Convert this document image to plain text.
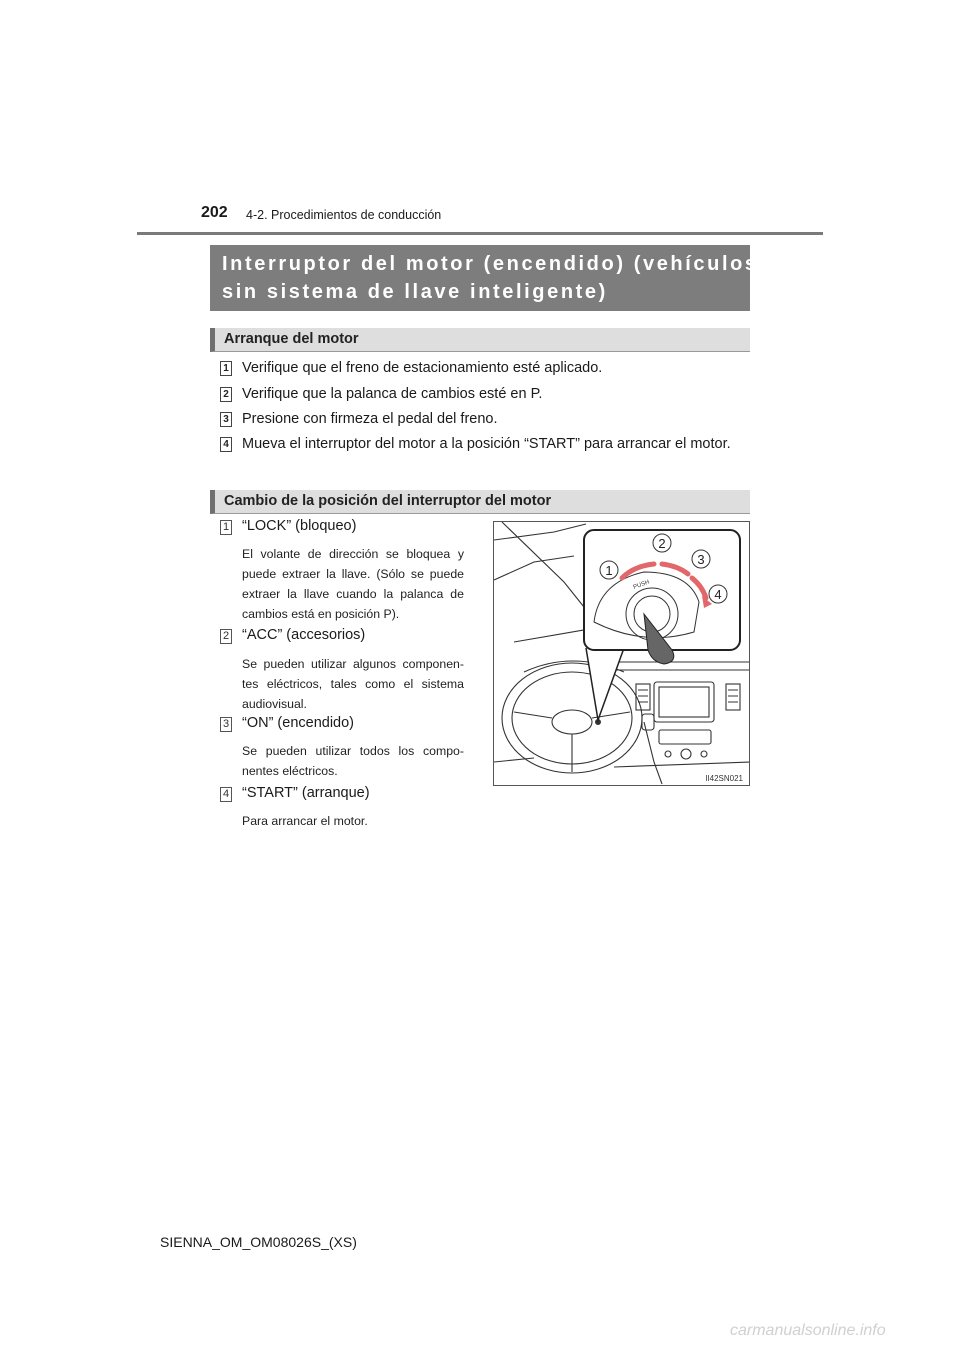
202 4-2. Procedimientos de conducción
Interruptor del motor (encendido) (vehículos
sin sistema de llave inteligente)
Arranque del motor
1 Verifique que el freno de estacionamiento esté aplicado.
2 Verifique que la palanca de cambios esté en P.
3 Presione con firmeza el pedal del freno.
4 Mueva el interruptor del motor a la posición “START” para arrancar el motor.
Cambio de la posición del interruptor del motor
1 “LOCK” (bloqueo)
El volante de dirección se bloquea y puede extraer la llave. (Sólo se puede extraer la llave cuando la palanca de cambios está en posición P).
2 “ACC” (accesorios)
Se pueden utilizar algunos componen-tes eléctricos, tales como el sistema audiovisual.
3 “ON” (encendido)
Se pueden utilizar todos los compo-nentes eléctricos.
4 “START” (arranque)
Para arrancar el motor.
PUSH
1
2
3
4
II42SN021
SIENNA_OM_OM08026S_(XS)
carmanualsonline.info
